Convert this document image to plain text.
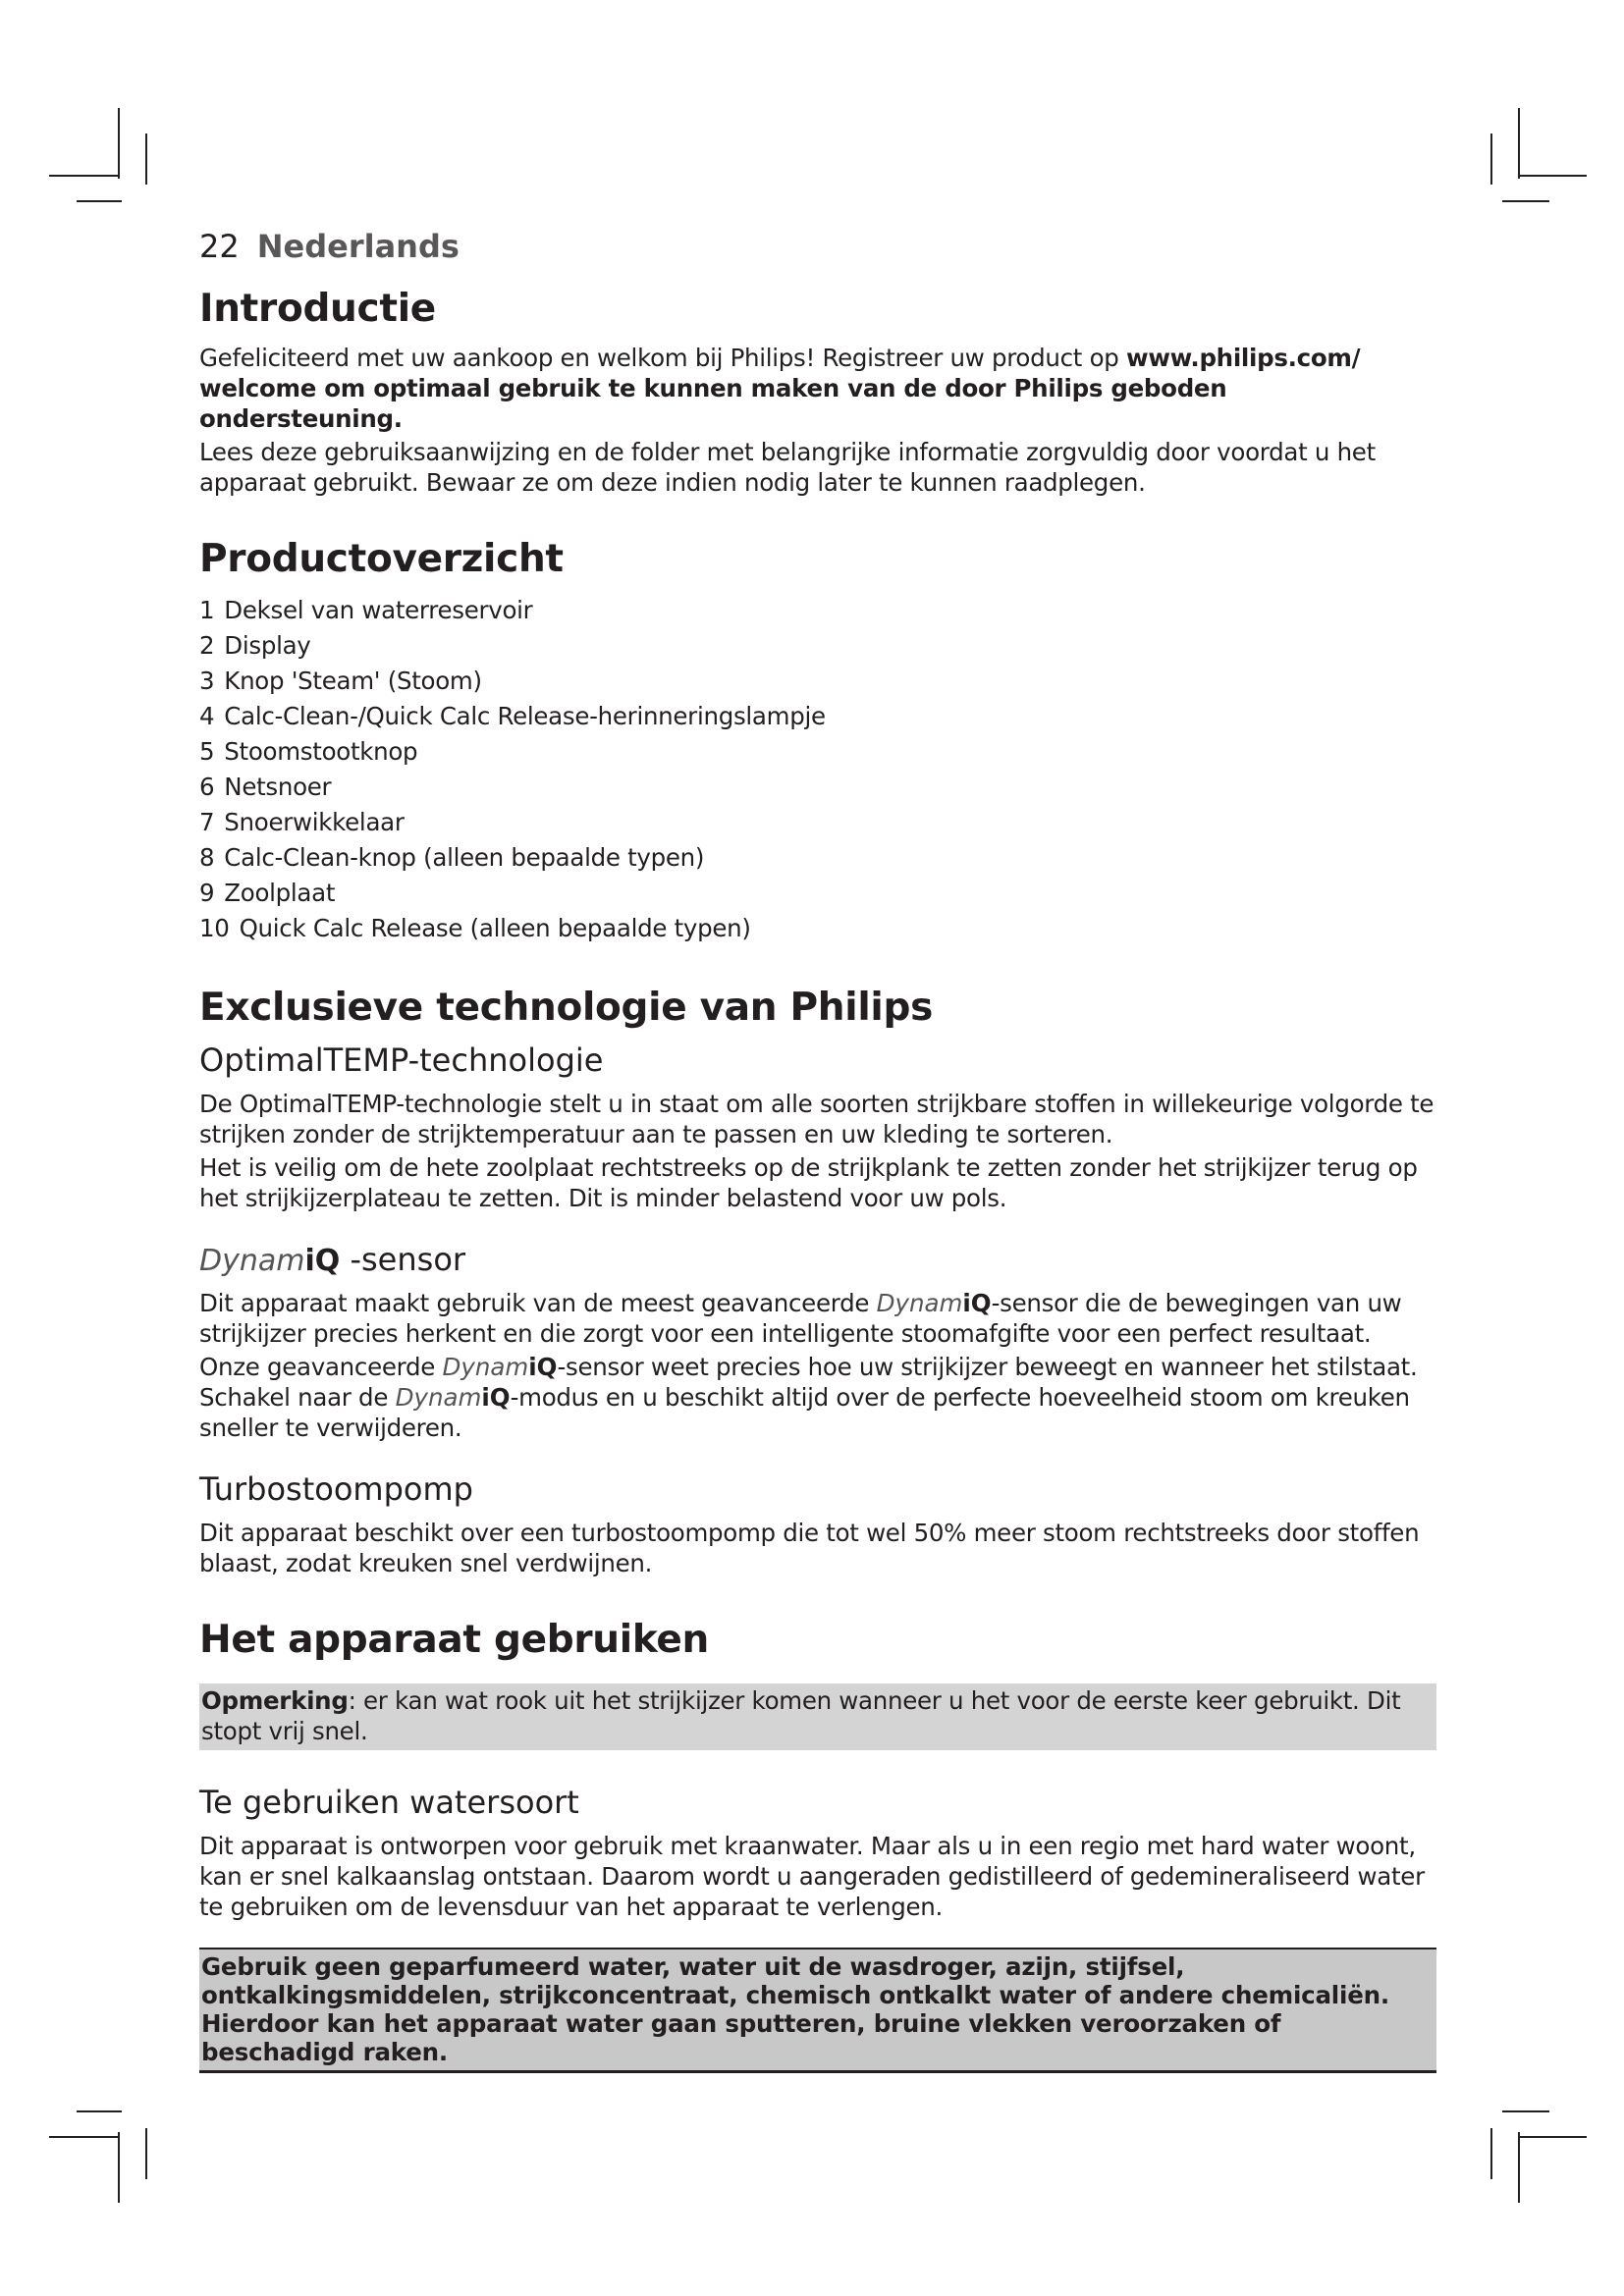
22 Nederlands
Introductie

Gefeliciteerd met uw aankoop en welkom bij Philips! Registreer uw product op www.philips.com/ welcome om optimaal gebruik te kunnen maken van de door Philips geboden ondersteuning.

Lees deze gebruiksaanwijzing en de folder met belangrijke informatie zorgvuldig door voordat u het apparaat gebruikt. Bewaar ze om deze indien nodig later te kunnen raadplegen.

Productoverzicht
1 Deksel van waterreservoir
2 Display
3 Knop 'Steam' (Stoom)
4 Calc-Clean-/Quick Calc Release-herinneringslampje
5 Stoomstootknop
6 Netsnoer
7 Snoerwikkelaar
8 Calc-Clean-knop (alleen bepaalde typen)
9 Zoolplaat
10 Quick Calc Release (alleen bepaalde typen)
Exclusieve technologie van Philips
OptimalTEMP-technologie

De OptimalTEMP-technologie stelt u in staat om alle soorten strijkbare stoffen in willekeurige volgorde te strijken zonder de strijktemperatuur aan te passen en uw kleding te sorteren.

Het is veilig om de hete zoolplaat rechtstreeks op de strijkplank te zetten zonder het strijkijzer terug op het strijkijzerplateau te zetten. Dit is minder belastend voor uw pols.

DynamiQ -sensor

Dit apparaat maakt gebruik van de meest geavanceerde DynamiQ-sensor die de bewegingen van uw strijkijzer precies herkent en die zorgt voor een intelligente stoomafgifte voor een perfect resultaat.

Onze geavanceerde DynamiQ-sensor weet precies hoe uw strijkijzer beweegt en wanneer het stilstaat. Schakel naar de DynamiQ-modus en u beschikt altijd over de perfecte hoeveelheid stoom om kreuken sneller te verwijderen.

Turbostoompomp

Dit apparaat beschikt over een turbostoompomp die tot wel 50% meer stoom rechtstreeks door stoffen blaast, zodat kreuken snel verdwijnen.

Het apparaat gebruiken

Opmerking: er kan wat rook uit het strijkijzer komen wanneer u het voor de eerste keer gebruikt. Dit stopt vrij snel.

Te gebruiken watersoort

Dit apparaat is ontworpen voor gebruik met kraanwater. Maar als u in een regio met hard water woont, kan er snel kalkaanslag ontstaan. Daarom wordt u aangeraden gedistilleerd of gedemineraliseerd water te gebruiken om de levensduur van het apparaat te verlengen.

Gebruik geen geparfumeerd water, water uit de wasdroger, azijn, stijfsel, ontkalkingsmiddelen, strijkconcentraat, chemisch ontkalkt water of andere chemicaliën. Hierdoor kan het apparaat water gaan sputteren, bruine vlekken veroorzaken of beschadigd raken.
